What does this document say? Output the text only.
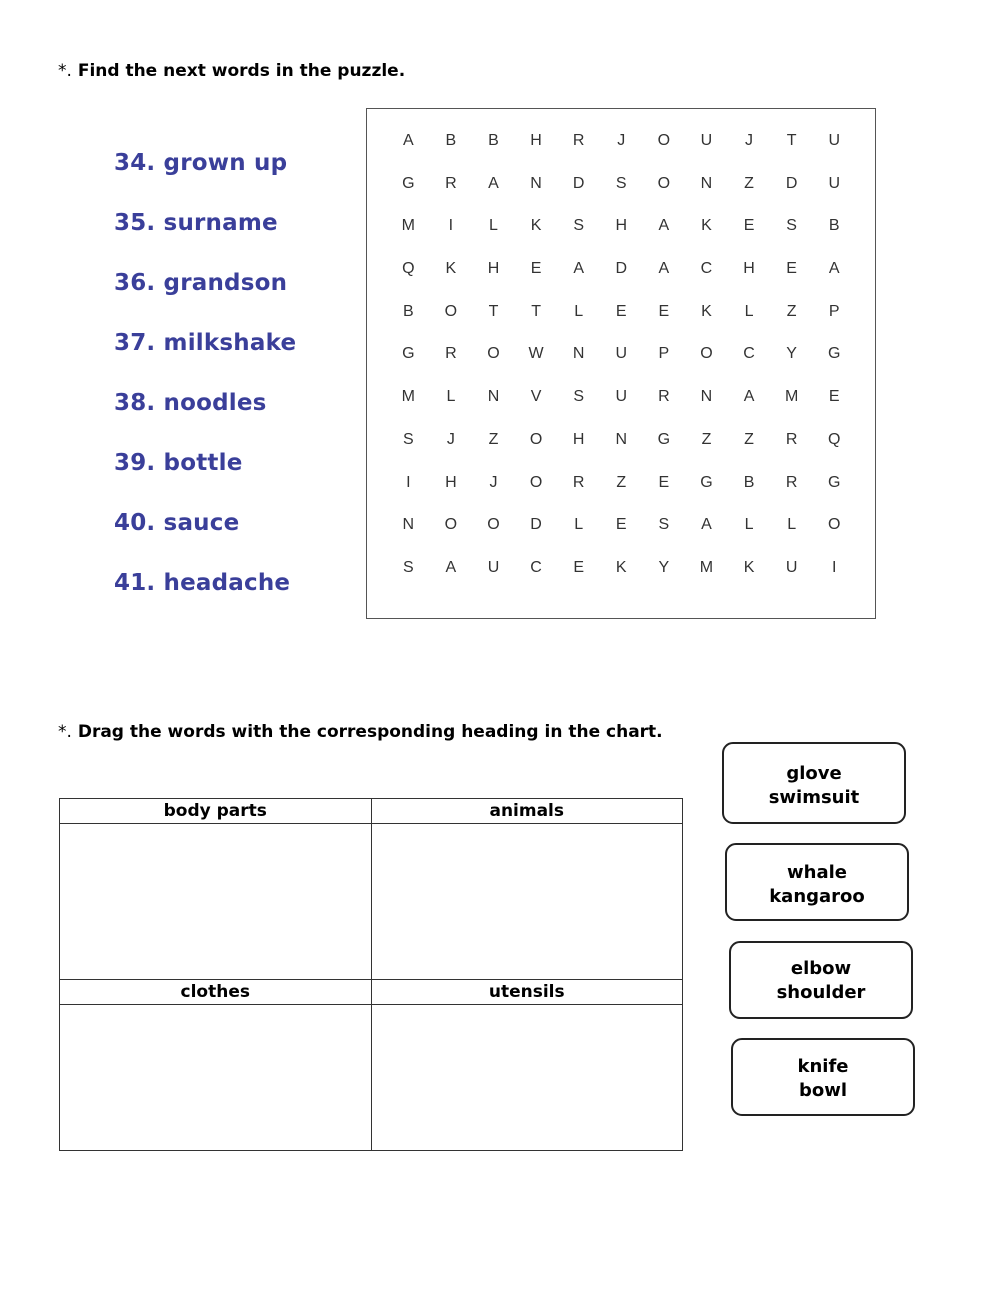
*. Find the next words in the puzzle.
34. grown up
35. surname
36. grandson
37. milkshake
38. noodles
39. bottle
40. sauce
41. headache
A	B	B	H	R	J	O	U	J	T	U
G	R	A	N	D	S	O	N	Z	D	U
M	I	L	K	S	H	A	K	E	S	B
Q	K	H	E	A	D	A	C	H	E	A
B	O	T	T	L	E	E	K	L	Z	P
G	R	O	W	N	U	P	O	C	Y	G
M	L	N	V	S	U	R	N	A	M	E
S	J	Z	O	H	N	G	Z	Z	R	Q
I	H	J	O	R	Z	E	G	B	R	G
N	O	O	D	L	E	S	A	L	L	O
S	A	U	C	E	K	Y	M	K	U	I
*. Drag the words with the corresponding heading in the chart.
body parts	animals

clothes	utensils

glove
swimsuit
whale
kangaroo
elbow
shoulder
knife
bowl
